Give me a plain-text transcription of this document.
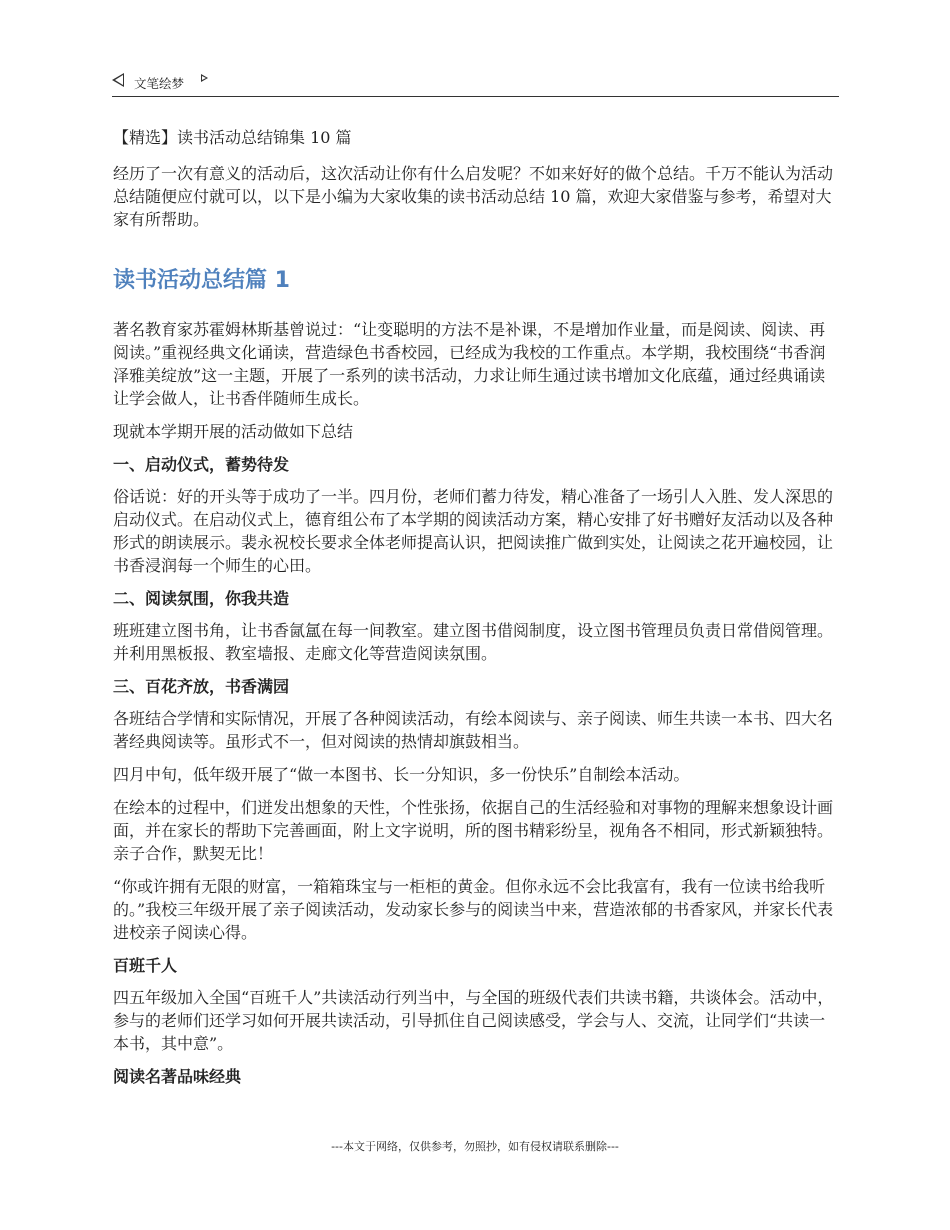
文笔绘梦
【精选】读书活动总结锦集 10 篇

经历了一次有意义的活动后，这次活动让你有什么启发呢？不如来好好的做个总结。千万不能认为活动总结随便应付就可以，以下是小编为大家收集的读书活动总结 10 篇，欢迎大家借鉴与参考，希望对大家有所帮助。

读书活动总结篇 1

著名教育家苏霍姆林斯基曾说过：“让变聪明的方法不是补课，不是增加作业量，而是阅读、阅读、再阅读。”重视经典文化诵读，营造绿色书香校园，已经成为我校的工作重点。本学期，我校围绕“书香润泽雅美绽放”这一主题，开展了一系列的读书活动，力求让师生通过读书增加文化底蕴，通过经典诵读让学会做人，让书香伴随师生成长。

现就本学期开展的活动做如下总结

一、启动仪式，蓄势待发

俗话说：好的开头等于成功了一半。四月份，老师们蓄力待发，精心准备了一场引人入胜、发人深思的启动仪式。在启动仪式上，德育组公布了本学期的阅读活动方案，精心安排了好书赠好友活动以及各种形式的朗读展示。裴永祝校长要求全体老师提高认识，把阅读推广做到实处，让阅读之花开遍校园，让书香浸润每一个师生的心田。

二、阅读氛围，你我共造

班班建立图书角，让书香氤氲在每一间教室。建立图书借阅制度，设立图书管理员负责日常借阅管理。并利用黑板报、教室墙报、走廊文化等营造阅读氛围。

三、百花齐放，书香满园

各班结合学情和实际情况，开展了各种阅读活动，有绘本阅读与、亲子阅读、师生共读一本书、四大名著经典阅读等。虽形式不一，但对阅读的热情却旗鼓相当。

四月中旬，低年级开展了“做一本图书、长一分知识，多一份快乐”自制绘本活动。

在绘本的过程中，们迸发出想象的天性，个性张扬，依据自己的生活经验和对事物的理解来想象设计画面，并在家长的帮助下完善画面，附上文字说明，所的图书精彩纷呈，视角各不相同，形式新颖独特。亲子合作，默契无比！

“你或许拥有无限的财富，一箱箱珠宝与一柜柜的黄金。但你永远不会比我富有，我有一位读书给我听的。”我校三年级开展了亲子阅读活动，发动家长参与的阅读当中来，营造浓郁的书香家风，并家长代表进校亲子阅读心得。

百班千人

四五年级加入全国“百班千人”共读活动行列当中，与全国的班级代表们共读书籍，共谈体会。活动中，参与的老师们还学习如何开展共读活动，引导抓住自己阅读感受，学会与人、交流，让同学们“共读一本书，其中意”。

阅读名著品味经典
---本文于网络，仅供参考，勿照抄，如有侵权请联系删除---
